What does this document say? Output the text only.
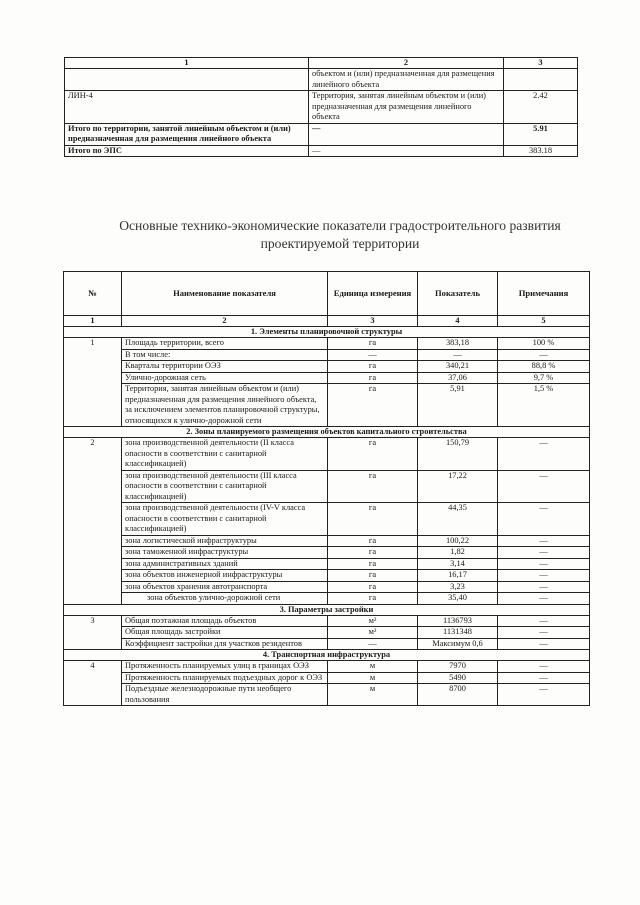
1	2	3
	объектом и (или) предназначенная для размещения линейного объекта	
ЛИН-4	Территория, занятая линейным объектом и (или) предназначенная для размещения линейного объекта	2.42
Итого по территории, занятой линейным объектом и (или) предназначенная для размещения линейного объекта	—	5.91
Итого по ЭПС	—	383.18
Основные технико-экономические показатели градостроительного развития проектируемой территории
№	Наименование показателя	Единица измерения	Показатель	Примечания
1	2	3	4	5
1. Элементы планировочной структуры				
1	Площадь территории, всего	га	383,18	100 %
	В том числе:	—	—	—
	Кварталы территории ОЭЗ	га	340,21	88,8 %
	Улично-дорожная сеть	га	37,06	9,7 %
	Территория, занятая линейным объектом и (или) предназначенная для размещения линейного объекта, за исключением элементов планировочной структуры, относящихся к улично-дорожной сети	га	5,91	1,5 %
2. Зоны планируемого размещения объектов капитального строительства				
2	зона производственной деятельности (II класса опасности в соответствии с санитарной классификацией)	га	150,79	—
	зона производственной деятельности (III класса опасности в соответствии с санитарной классификацией)	га	17,22	—
	зона производственной деятельности (IV-V класса опасности в соответствии с санитарной классификацией)	га	44,35	—
	зона логистической инфраструктуры	га	100,22	—
	зона таможенной инфраструктуры	га	1,82	—
	зона административных зданий	га	3,14	—
	зона объектов инженерной инфраструктуры	га	16,17	—
	зона объектов хранения автотранспорта	га	3,23	—
	зона объектов улично-дорожной сети	га	35,40	—
3. Параметры застройки				
3	Общая поэтажная площадь объектов	м²	1136793	—
	Общая площадь застройки	м²	1131348	—
	Коэффициент застройки для участков резидентов	—	Максимум 0,6	—
4. Транспортная инфраструктура				
4	Протяженность планируемых улиц в границах ОЭЗ	м	7970	—
	Протяженность планируемых подъездных дорог к ОЭЗ	м	5490	—
	Подъездные железнодорожные пути необщего пользования	м	8700	—
